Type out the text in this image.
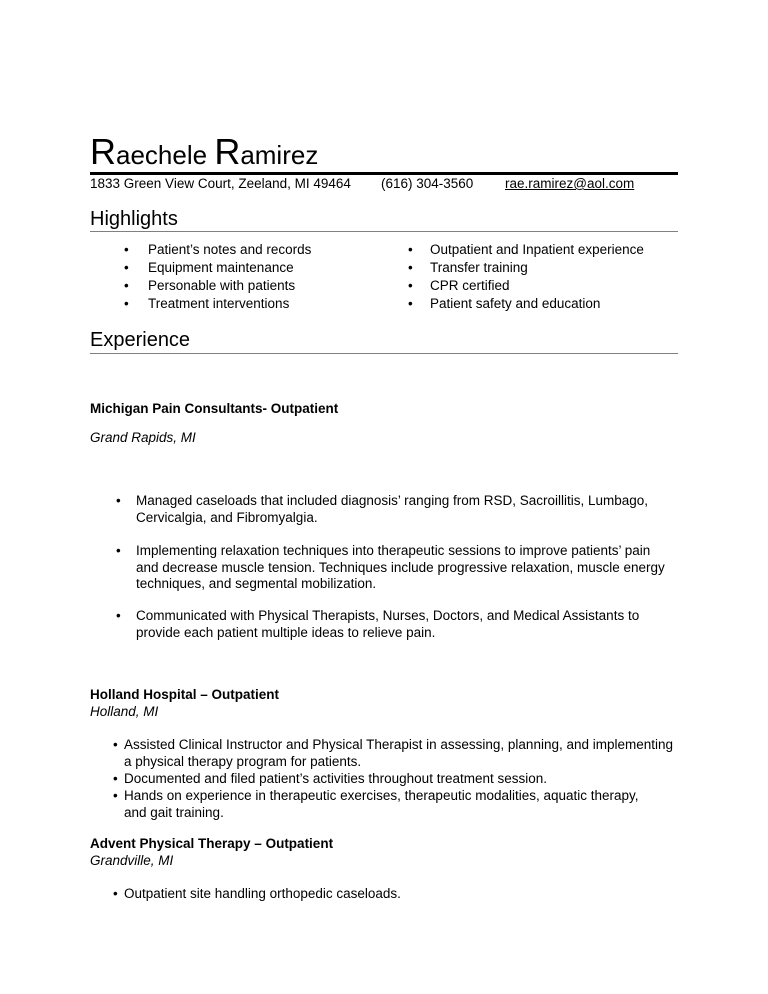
Raechele Ramirez
1833 Green View Court, Zeeland, MI 49464 (616) 304-3560 rae.ramirez@aol.com
Highlights
• Patient’s notes and records
• Equipment maintenance
• Personable with patients
• Treatment interventions
• Outpatient and Inpatient experience
• Transfer training
• CPR certified
• Patient safety and education
Experience
Michigan Pain Consultants- Outpatient
Grand Rapids, MI
• Managed caseloads that included diagnosis’ ranging from RSD, Sacroillitis, Lumbago, Cervicalgia, and Fibromyalgia.
• Implementing relaxation techniques into therapeutic sessions to improve patients’ pain and decrease muscle tension. Techniques include progressive relaxation, muscle energy techniques, and segmental mobilization.
• Communicated with Physical Therapists, Nurses, Doctors, and Medical Assistants to provide each patient multiple ideas to relieve pain.
Holland Hospital – Outpatient
Holland, MI
• Assisted Clinical Instructor and Physical Therapist in assessing, planning, and implementing a physical therapy program for patients.
• Documented and filed patient’s activities throughout treatment session.
• Hands on experience in therapeutic exercises, therapeutic modalities, aquatic therapy, and gait training.
Advent Physical Therapy – Outpatient
Grandville, MI
• Outpatient site handling orthopedic caseloads.
